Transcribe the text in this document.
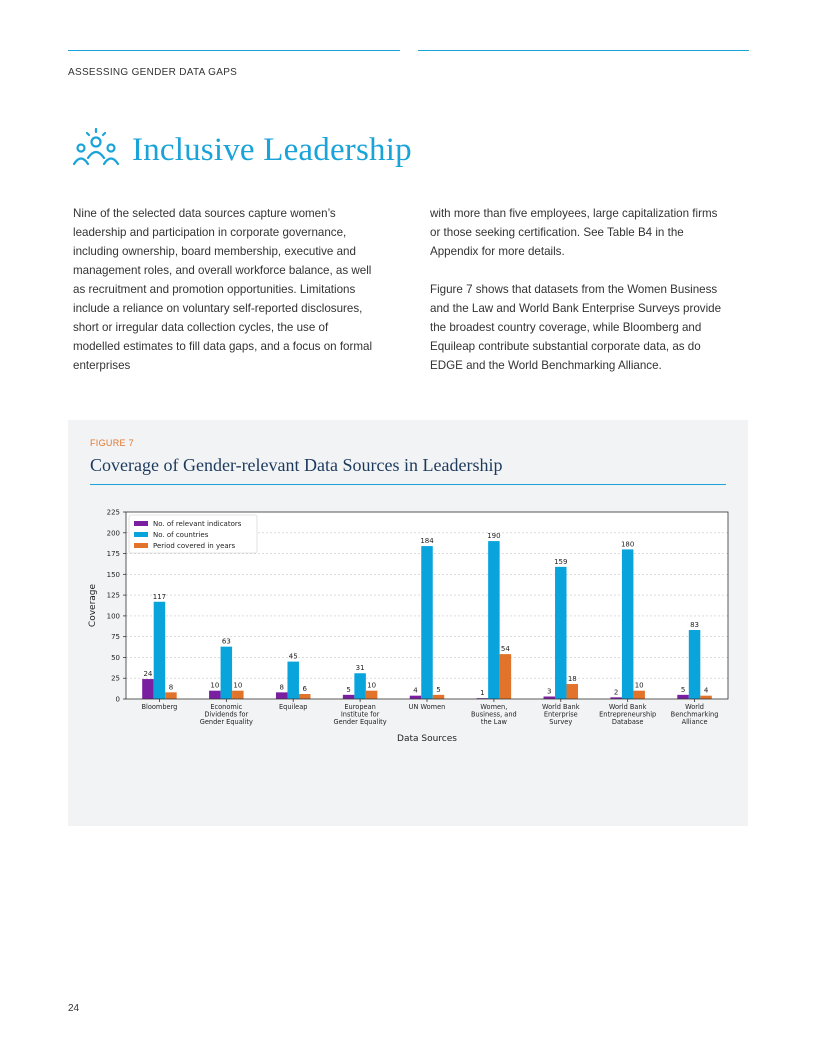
ASSESSING GENDER DATA GAPS
Inclusive Leadership

Nine of the selected data sources capture women’s leadership and participation in corporate governance, including ownership, board membership, executive and management roles, and overall workforce balance, as well as recruitment and promotion opportunities. Limitations include a reliance on voluntary self-reported disclosures, short or irregular data collection cycles, the use of modelled estimates to fill data gaps, and a focus on formal enterprises

with more than five employees, large capitalization firms or those seeking certification. See Table B4 in the Appendix for more details.

Figure 7 shows that datasets from the Women Business and the Law and World Bank Enterprise Surveys provide the broadest country coverage, while Bloomberg and Equileap contribute substantial corporate data, as do EDGE and the World Benchmarking Alliance.

FIGURE 7
Coverage of Gender-relevant Data Sources in Leadership
0
25
50
75
100
125
150
175
200
225
Bloomberg
24
117
8
Economic Dividends for Gender Equality
10
63
10
Equileap
8
45
6
European Institute for Gender Equality
5
31
10
UN Women
4
184
5
Women, Business, and the Law
1
190
54
World Bank Enterprise Survey
3
159
18
World Bank Entrepreneurship Database
2
180
10
World Benchmarking Alliance
5
83
4
Data Sources
Coverage
No. of relevant indicators
No. of countries
Period covered in years
24
